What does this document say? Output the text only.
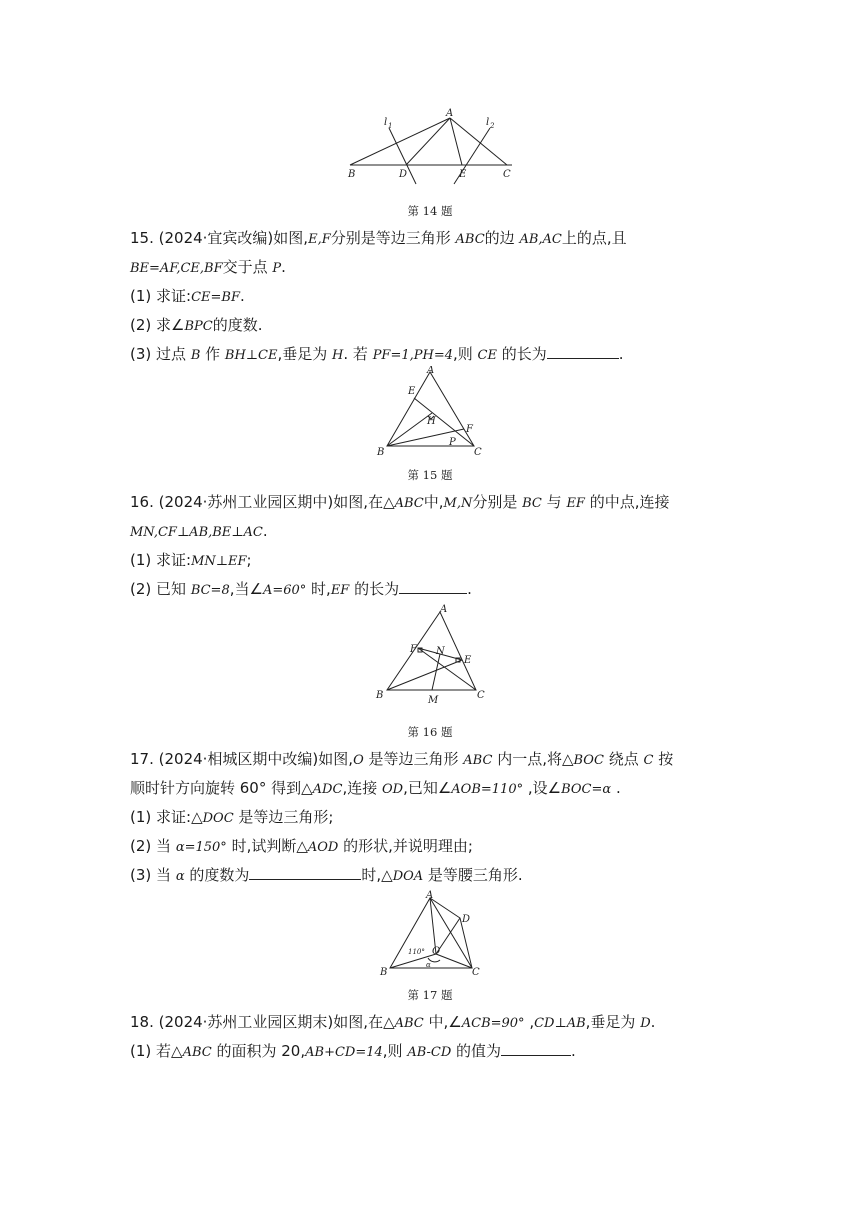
A
B	D	E	C
l 1	l 2
第 14 题
15. (2024·宜宾改编)如图,E,F分别是等边三角形 ABC的边 AB,AC上的点,且
BE=AF,CE,BF交于点 P.
(1) 求证:CE=BF.
(2) 求∠BPC的度数.
(3) 过点 B 作 BH⊥CE,垂足为 H. 若 PF=1,PH=4,则 CE 的长为	.
A
B	C
E
F
H
P
第 15 题
16. (2024·苏州工业园区期中)如图,在△ABC中,M,N分别是 BC 与 EF 的中点,连接
MN,CF⊥AB,BE⊥AC.
(1) 求证:MN⊥EF;
(2) 已知 BC=8,当∠A=60° 时,EF 的长为	.
A
B	C
F
E
N
M
第 16 题
17. (2024·相城区期中改编)如图,O 是等边三角形 ABC 内一点,将△BOC 绕点 C 按
顺时针方向旋转 60° 得到△ADC,连接 OD,已知∠AOB=110° ,设∠BOC=α .
(1) 求证:△DOC 是等边三角形;
(2) 当 α=150° 时,试判断△AOD 的形状,并说明理由;
(3) 当 α 的度数为	时,△DOA 是等腰三角形.
A
B	C
D
O
110°
α
第 17 题
18. (2024·苏州工业园区期末)如图,在△ABC 中,∠ACB=90° ,CD⊥AB,垂足为 D.
(1) 若△ABC 的面积为 20,AB+CD=14,则 AB-CD 的值为	.
